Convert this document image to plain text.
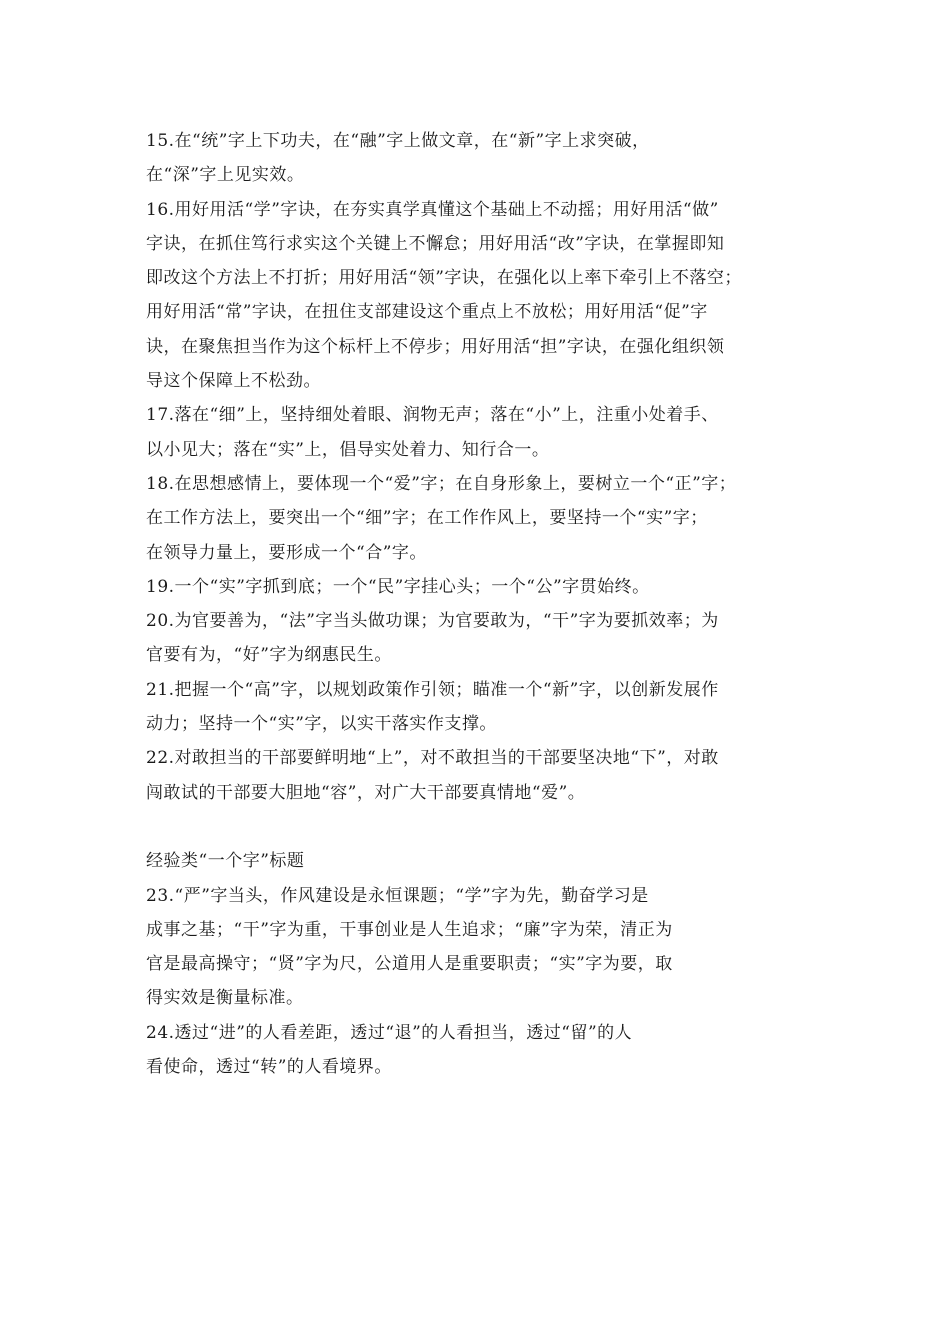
15.在“统”字上下功夫，在“融”字上做文章，在“新”字上求突破，
在“深”字上见实效。
16.用好用活“学”字诀，在夯实真学真懂这个基础上不动摇；用好用活“做”
字诀，在抓住笃行求实这个关键上不懈怠；用好用活“改”字诀，在掌握即知
即改这个方法上不打折；用好用活“领”字诀，在强化以上率下牵引上不落空；
用好用活“常”字诀，在扭住支部建设这个重点上不放松；用好用活“促”字
诀，在聚焦担当作为这个标杆上不停步；用好用活“担”字诀，在强化组织领
导这个保障上不松劲。
17.落在“细”上，坚持细处着眼、润物无声；落在“小”上，注重小处着手、
以小见大；落在“实”上，倡导实处着力、知行合一。
18.在思想感情上，要体现一个“爱”字；在自身形象上，要树立一个“正”字；
在工作方法上，要突出一个“细”字；在工作作风上，要坚持一个“实”字；
在领导力量上，要形成一个“合”字。
19.一个“实”字抓到底；一个“民”字挂心头；一个“公”字贯始终。
20.为官要善为，“法”字当头做功课；为官要敢为，“干”字为要抓效率；为
官要有为，“好”字为纲惠民生。
21.把握一个“高”字，以规划政策作引领；瞄准一个“新”字，以创新发展作
动力；坚持一个“实”字，以实干落实作支撑。
22.对敢担当的干部要鲜明地“上”，对不敢担当的干部要坚决地“下”，对敢
闯敢试的干部要大胆地“容”，对广大干部要真情地“爱”。
经验类“一个字”标题
23.“严”字当头，作风建设是永恒课题；“学”字为先，勤奋学习是
成事之基；“干”字为重，干事创业是人生追求；“廉”字为荣，清正为
官是最高操守；“贤”字为尺，公道用人是重要职责；“实”字为要，取
得实效是衡量标准。
24.透过“进”的人看差距，透过“退”的人看担当，透过“留”的人
看使命，透过“转”的人看境界。
